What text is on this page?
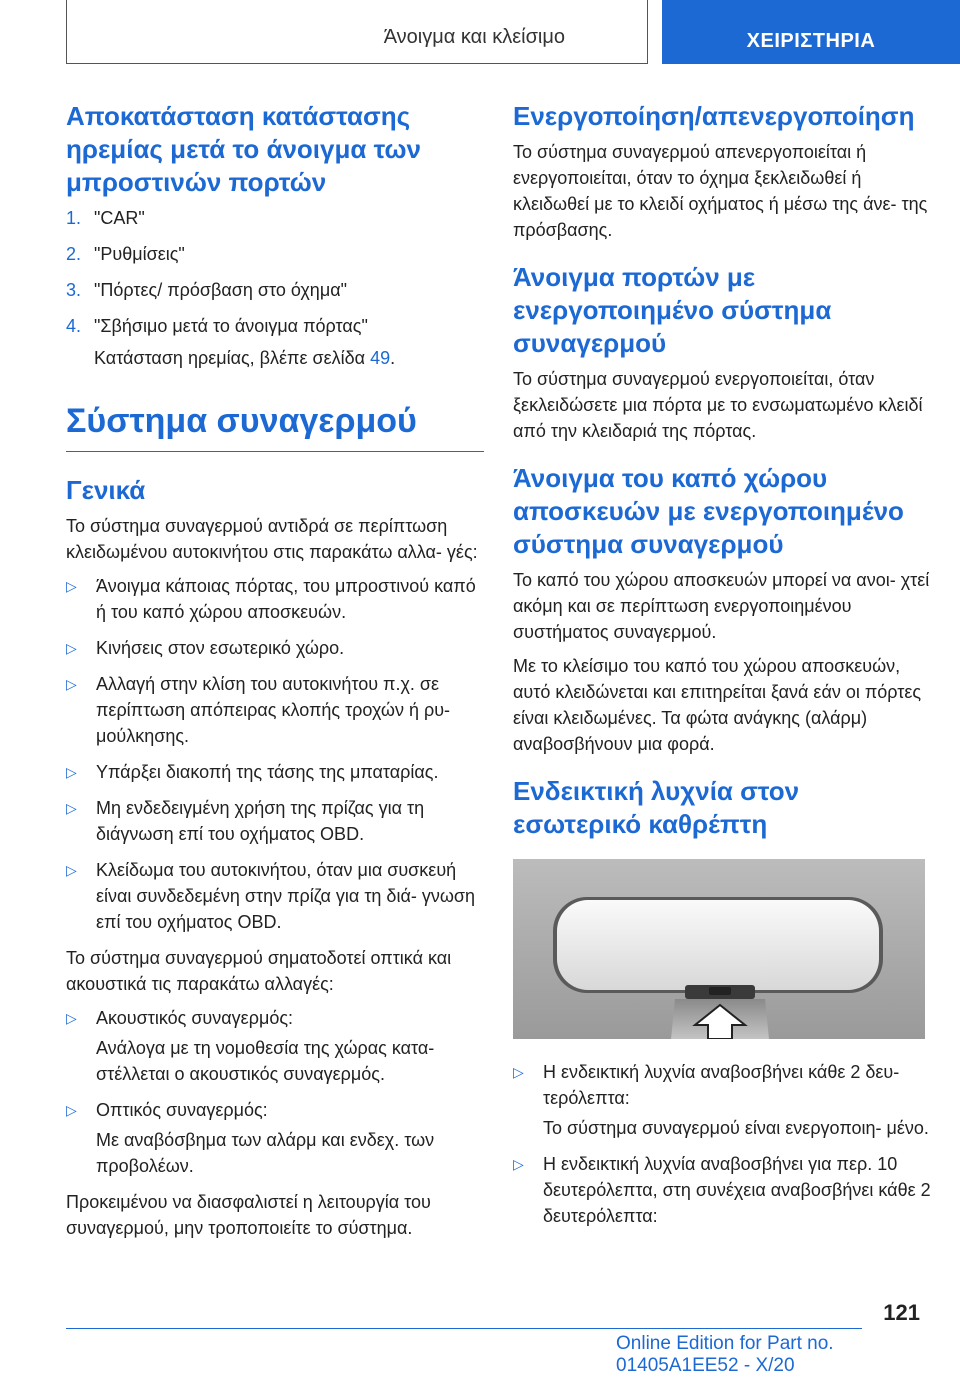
Άνοιγμα και κλείσιμο	ΧΕΙΡΙΣΤΗΡΙΑ
Αποκατάσταση κατάστασης ηρεμίας μετά το άνοιγμα των μπροστινών πορτών
1. "CAR"
2. "Ρυθμίσεις"
3. "Πόρτες/ πρόσβαση στο όχημα"
4. "Σβήσιμο μετά το άνοιγμα πόρτας"
Κατάσταση ηρεμίας, βλέπε σελίδα 49.
Σύστημα συναγερμού
Γενικά

Το σύστημα συναγερμού αντιδρά σε περίπτωση κλειδωμένου αυτοκινήτου στις παρακάτω αλλα- γές:

▷ Άνοιγμα κάποιας πόρτας, του μπροστινού καπό ή του καπό χώρου αποσκευών.
▷ Κινήσεις στον εσωτερικό χώρο.
▷ Αλλαγή στην κλίση του αυτοκινήτου π.χ. σε περίπτωση απόπειρας κλοπής τροχών ή ρυ- μούλκησης.
▷ Υπάρξει διακοπή της τάσης της μπαταρίας.
▷ Μη ενδεδειγμένη χρήση της πρίζας για τη διάγνωση επί του οχήματος OBD.
▷ Κλείδωμα του αυτοκινήτου, όταν μια συσκευή είναι συνδεδεμένη στην πρίζα για τη διά- γνωση επί του οχήματος OBD.

Το σύστημα συναγερμού σηματοδοτεί οπτικά και ακουστικά τις παρακάτω αλλαγές:

▷ Ακουστικός συναγερμός:
Ανάλογα με τη νομοθεσία της χώρας κατα- στέλλεται ο ακουστικός συναγερμός.
▷ Οπτικός συναγερμός:
Με αναβόσβημα των αλάρμ και ενδεχ. των προβολέων.

Προκειμένου να διασφαλιστεί η λειτουργία του συναγερμού, μην τροποποιείτε το σύστημα.

Ενεργοποίηση/απενεργοποίηση

Το σύστημα συναγερμού απενεργοποιείται ή ενεργοποιείται, όταν το όχημα ξεκλειδωθεί ή κλειδωθεί με το κλειδί οχήματος ή μέσω της άνε- της πρόσβασης.

Άνοιγμα πορτών με ενεργοποιημένο σύστημα συναγερμού

Το σύστημα συναγερμού ενεργοποιείται, όταν ξεκλειδώσετε μια πόρτα με το ενσωματωμένο κλειδί από την κλειδαριά της πόρτας.

Άνοιγμα του καπό χώρου αποσκευών με ενεργοποιημένο σύστημα συναγερμού

Το καπό του χώρου αποσκευών μπορεί να ανοι- χτεί ακόμη και σε περίπτωση ενεργοποιημένου συστήματος συναγερμού.

Με το κλείσιμο του καπό του χώρου αποσκευών, αυτό κλειδώνεται και επιτηρείται ξανά εάν οι πόρτες είναι κλειδωμένες. Τα φώτα ανάγκης (αλάρμ) αναβοσβήνουν μια φορά.

Ενδεικτική λυχνία στον εσωτερικό καθρέπτη
▷ Η ενδεικτική λυχνία αναβοσβήνει κάθε 2 δευ- τερόλεπτα:
Το σύστημα συναγερμού είναι ενεργοποιη- μένο.
▷ Η ενδεικτική λυχνία αναβοσβήνει για περ. 10 δευτερόλεπτα, στη συνέχεια αναβοσβήνει κάθε 2 δευτερόλεπτα:
121
Online Edition for Part no. 01405A1EE52 - X/20
